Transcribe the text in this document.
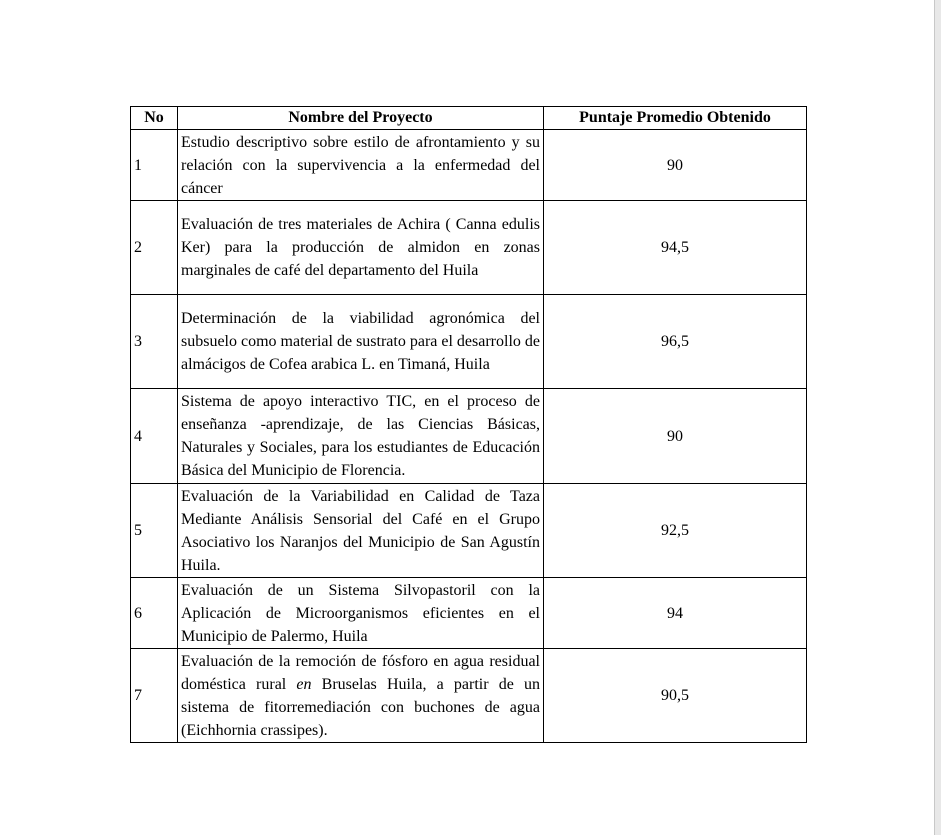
No	Nombre del Proyecto	Puntaje Promedio Obtenido
1	Estudio descriptivo sobre estilo de afrontamiento y su relación con la supervivencia a la enfermedad del cáncer	90
2	Evaluación de tres materiales de Achira ( Canna edulis Ker) para la producción de almidon en zonas marginales de café del departamento del Huila	94,5
3	Determinación de la viabilidad agronómica del subsuelo como material de sustrato para el desarrollo de almácigos de Cofea arabica L. en Timaná, Huila	96,5
4	Sistema de apoyo interactivo TIC, en el proceso de enseñanza -aprendizaje, de las Ciencias Básicas, Naturales y Sociales, para los estudiantes de Educación Básica del Municipio de Florencia.	90
5	Evaluación de la Variabilidad en Calidad de Taza Mediante Análisis Sensorial del Café en el Grupo Asociativo los Naranjos del Municipio de San Agustín Huila.	92,5
6	Evaluación de un Sistema Silvopastoril con la Aplicación de Microorganismos eficientes en el Municipio de Palermo, Huila	94
7	Evaluación de la remoción de fósforo en agua residual doméstica rural en Bruselas Huila, a partir de un sistema de fitorremediación con buchones de agua (Eichhornia crassipes).	90,5
